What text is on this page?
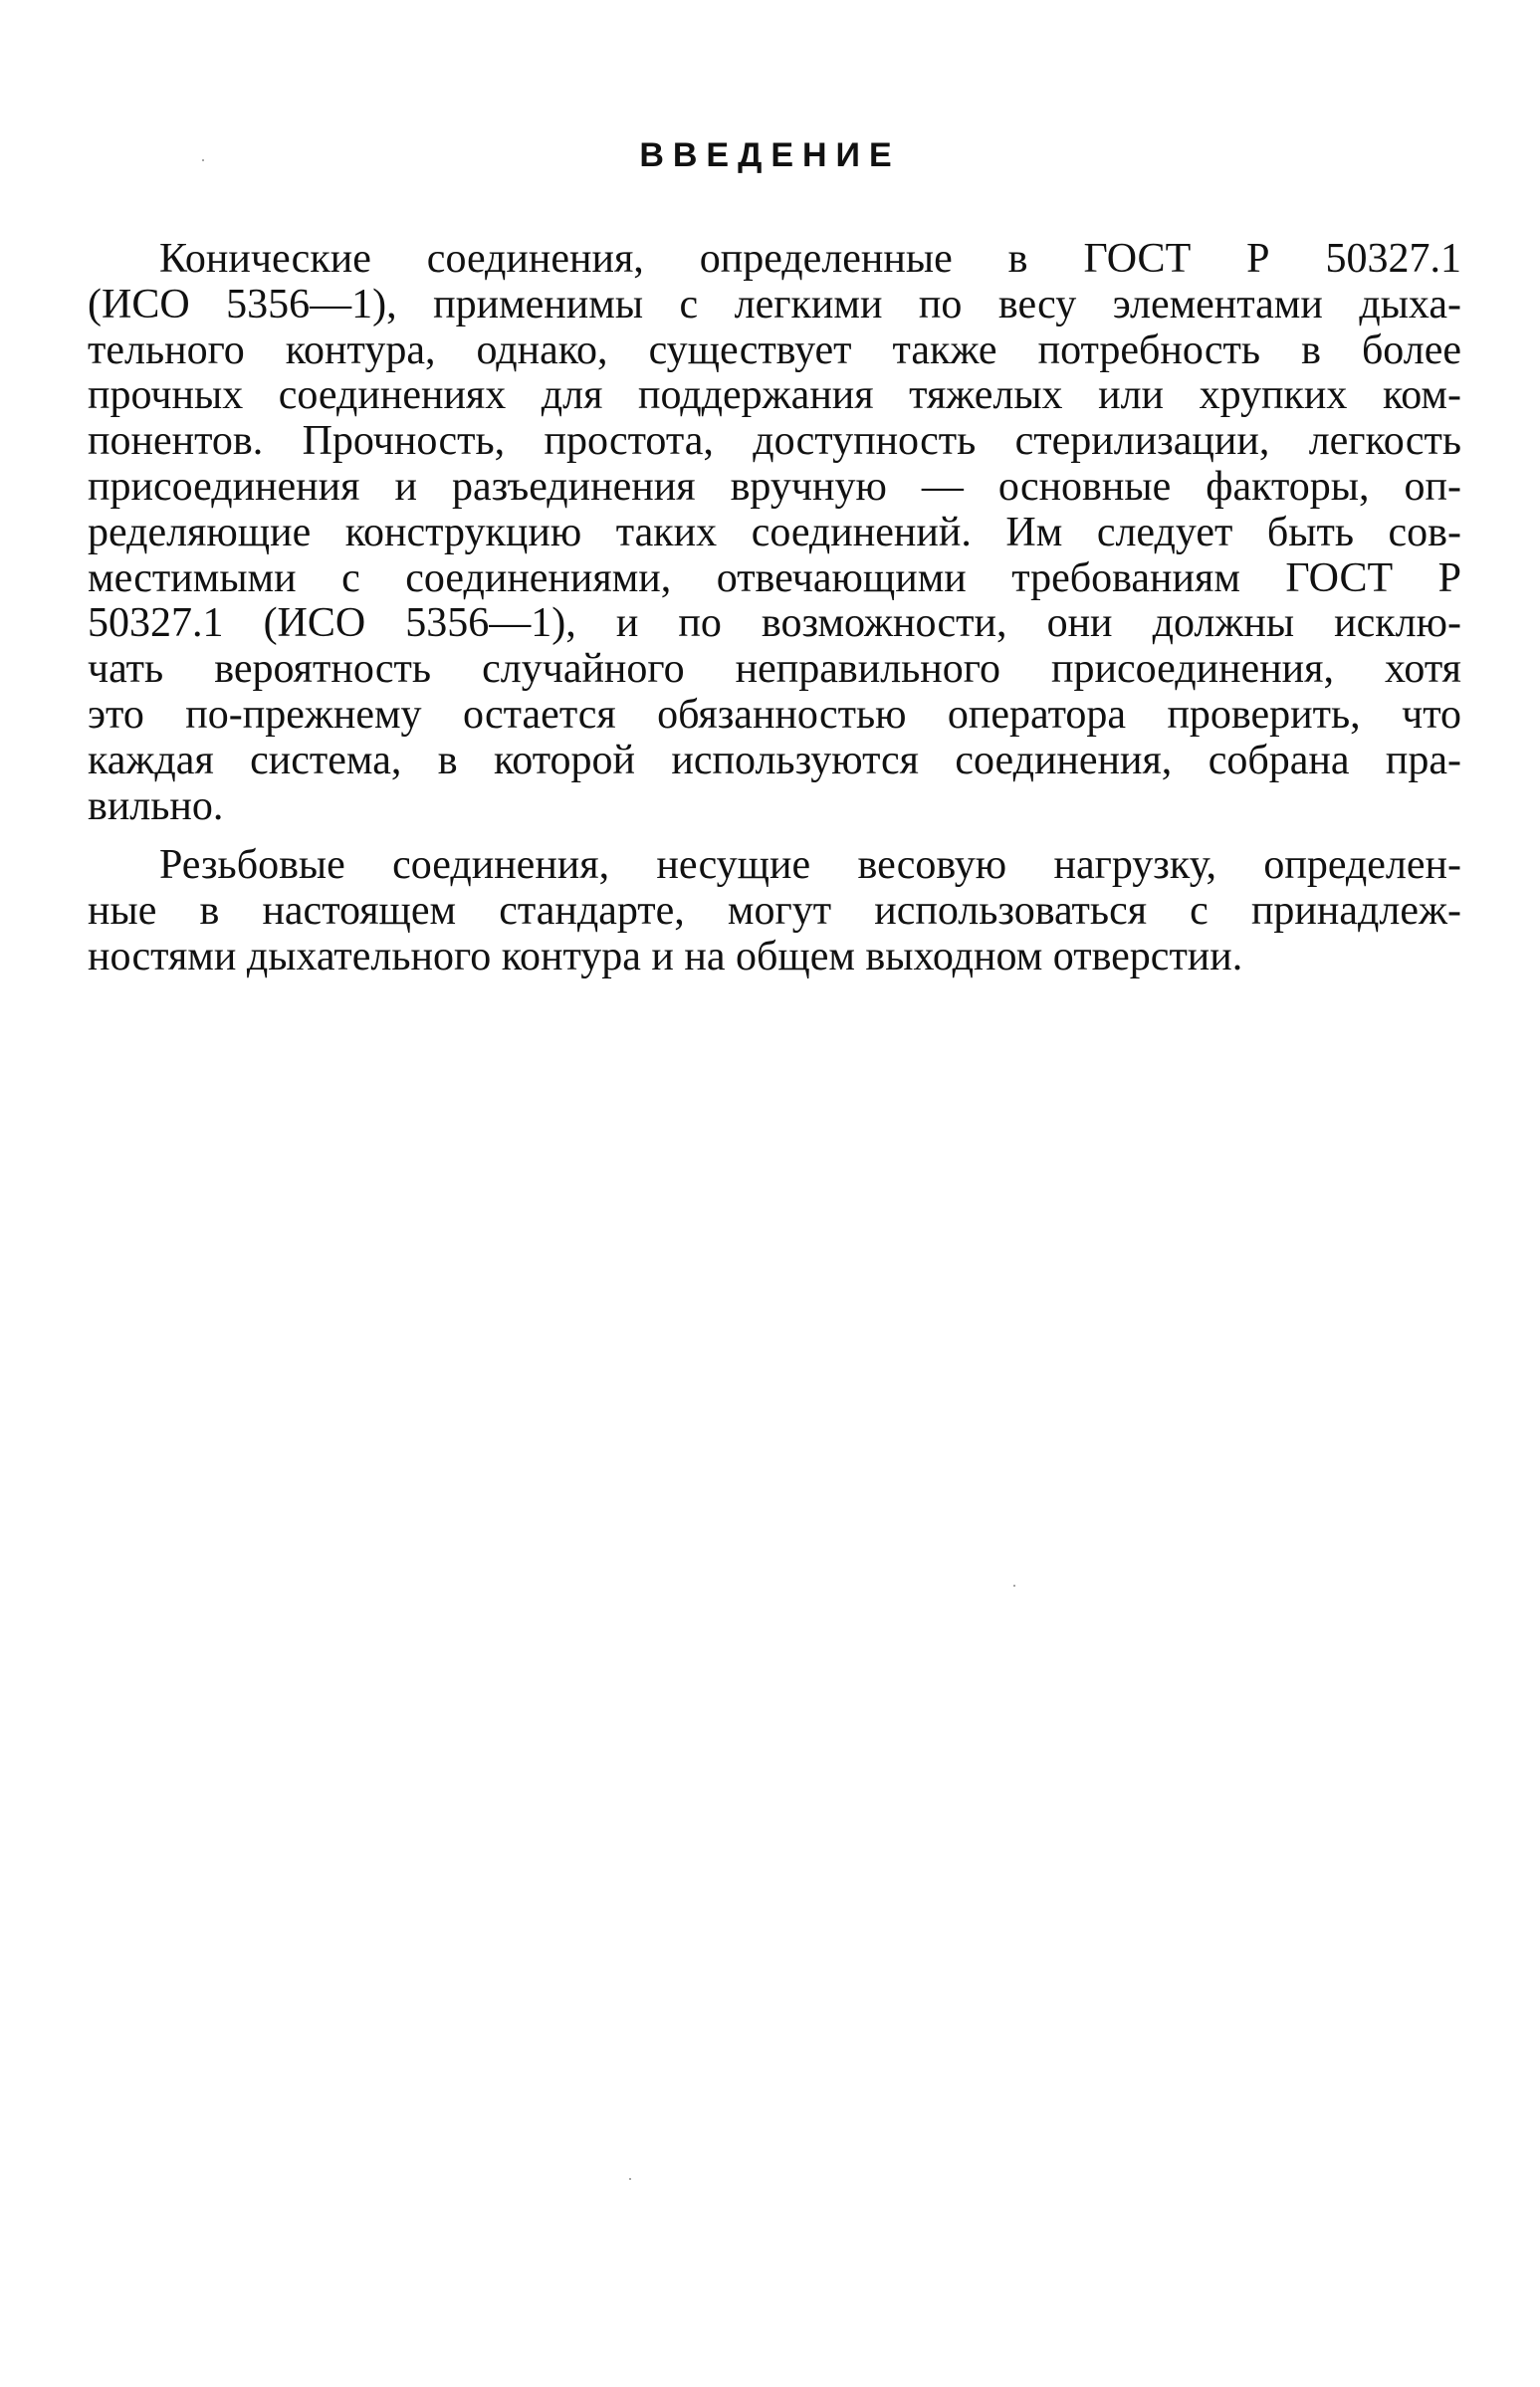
ВВЕДЕНИЕ

Конические соединения, определенные в ГОСТ Р 50327.1
(ИСО 5356—1), применимы с легкими по весу элементами дыха-
тельного контура, однако, существует также потребность в более
прочных соединениях для поддержания тяжелых или хрупких ком-
понентов. Прочность, простота, доступность стерилизации, легкость
присоединения и разъединения вручную — основные факторы, оп-
ределяющие конструкцию таких соединений. Им следует быть сов-
местимыми с соединениями, отвечающими требованиям ГОСТ Р
50327.1 (ИСО 5356—1), и по возможности, они должны исклю-
чать вероятность случайного неправильного присоединения, хотя
это по-прежнему остается обязанностью оператора проверить, что
каждая система, в которой используются соединения, собрана пра-
вильно.

Резьбовые соединения, несущие весовую нагрузку, определен-
ные в настоящем стандарте, могут использоваться с принадлеж-
ностями дыхательного контура и на общем выходном отверстии.
